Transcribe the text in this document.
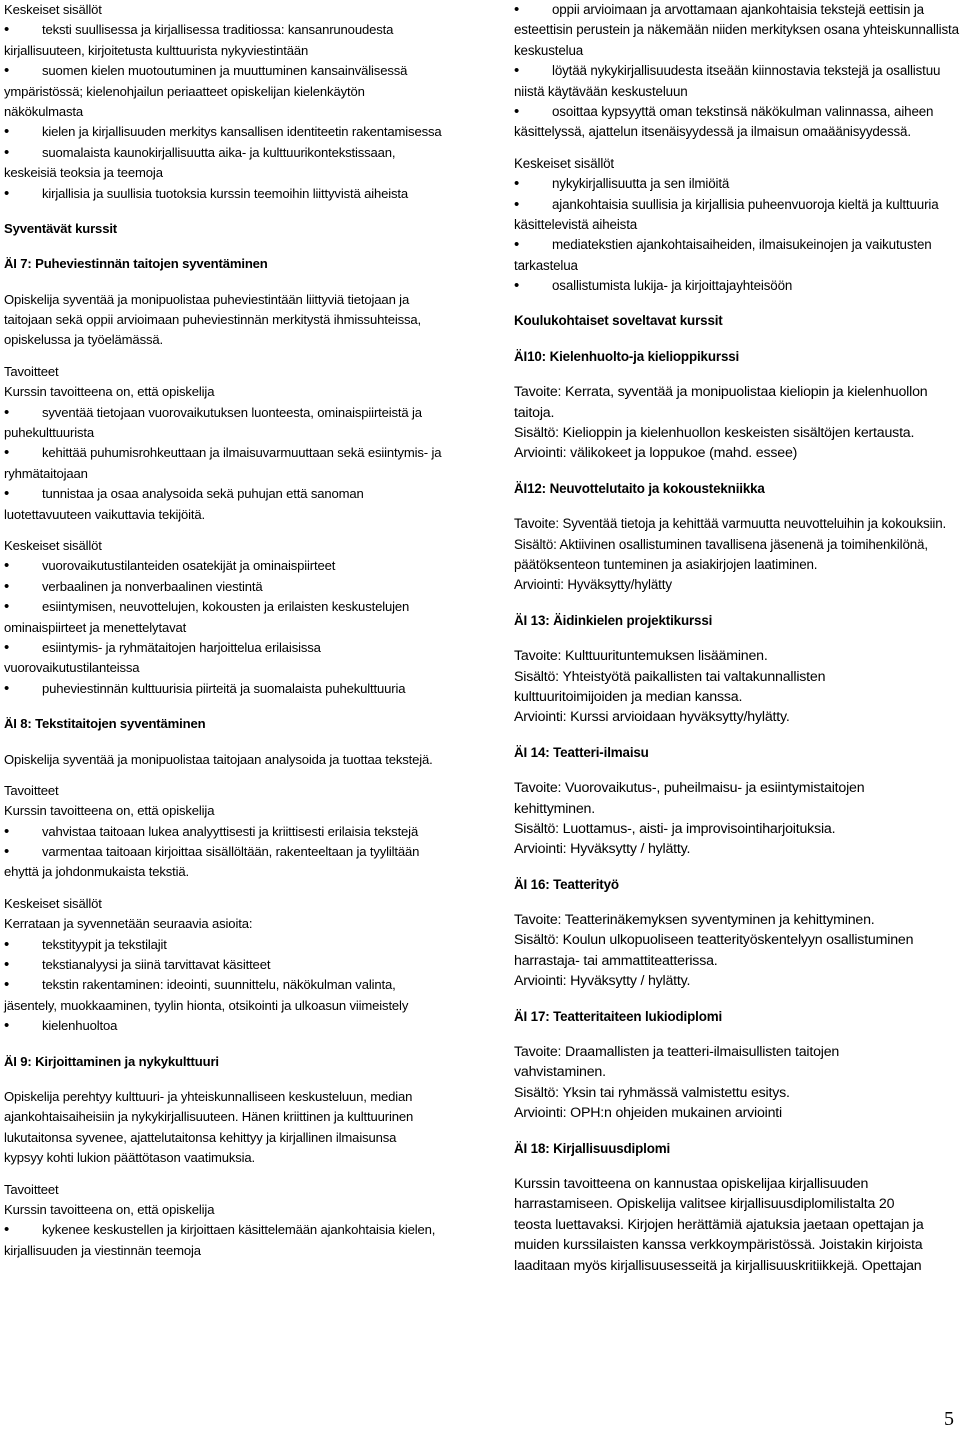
Keskeiset sisällöt
• teksti suullisessa ja kirjallisessa traditiossa: kansanrunoudesta
kirjallisuuteen, kirjoitetusta kulttuurista nykyviestintään
• suomen kielen muotoutuminen ja muuttuminen kansainvälisessä
ympäristössä; kielenohjailun periaatteet opiskelijan kielenkäytön
näkökulmasta
• kielen ja kirjallisuuden merkitys kansallisen identiteetin rakentamisessa
• suomalaista kaunokirjallisuutta aika- ja kulttuurikontekstissaan,
keskeisiä teoksia ja teemoja
• kirjallisia ja suullisia tuotoksia kurssin teemoihin liittyvistä aiheista
Syventävät kurssit
ÄI 7: Puheviestinnän taitojen syventäminen
Opiskelija syventää ja monipuolistaa puheviestintään liittyviä tietojaan ja
taitojaan sekä oppii arvioimaan puheviestinnän merkitystä ihmissuhteissa,
opiskelussa ja työelämässä.
Tavoitteet
Kurssin tavoitteena on, että opiskelija
• syventää tietojaan vuorovaikutuksen luonteesta, ominaispiirteistä ja
puhekulttuurista
• kehittää puhumisrohkeuttaan ja ilmaisuvarmuuttaan sekä esiintymis- ja
ryhmätaitojaan
• tunnistaa ja osaa analysoida sekä puhujan että sanoman
luotettavuuteen vaikuttavia tekijöitä.
Keskeiset sisällöt
• vuorovaikutustilanteiden osatekijät ja ominaispiirteet
• verbaalinen ja nonverbaalinen viestintä
• esiintymisen, neuvottelujen, kokousten ja erilaisten keskustelujen
ominaispiirteet ja menettelytavat
• esiintymis- ja ryhmätaitojen harjoittelua erilaisissa
vuorovaikutustilanteissa
• puheviestinnän kulttuurisia piirteitä ja suomalaista puhekulttuuria
ÄI 8: Tekstitaitojen syventäminen
Opiskelija syventää ja monipuolistaa taitojaan analysoida ja tuottaa tekstejä.
Tavoitteet
Kurssin tavoitteena on, että opiskelija
• vahvistaa taitoaan lukea analyyttisesti ja kriittisesti erilaisia tekstejä
• varmentaa taitoaan kirjoittaa sisällöltään, rakenteeltaan ja tyyliltään
ehyttä ja johdonmukaista tekstiä.
Keskeiset sisällöt
Kerrataan ja syvennetään seuraavia asioita:
• tekstityypit ja tekstilajit
• tekstianalyysi ja siinä tarvittavat käsitteet
• tekstin rakentaminen: ideointi, suunnittelu, näkökulman valinta,
jäsentely, muokkaaminen, tyylin hionta, otsikointi ja ulkoasun viimeistely
• kielenhuoltoa
ÄI 9: Kirjoittaminen ja nykykulttuuri
Opiskelija perehtyy kulttuuri- ja yhteiskunnalliseen keskusteluun, median
ajankohtaisaiheisiin ja nykykirjallisuuteen. Hänen kriittinen ja kulttuurinen
lukutaitonsa syvenee, ajattelutaitonsa kehittyy ja kirjallinen ilmaisunsa
kypsyy kohti lukion päättötason vaatimuksia.
Tavoitteet
Kurssin tavoitteena on, että opiskelija
• kykenee keskustellen ja kirjoittaen käsittelemään ajankohtaisia kielen,
kirjallisuuden ja viestinnän teemoja
• oppii arvioimaan ja arvottamaan ajankohtaisia tekstejä eettisin ja
esteettisin perustein ja näkemään niiden merkityksen osana yhteiskunnallista
keskustelua
• löytää nykykirjallisuudesta itseään kiinnostavia tekstejä ja osallistuu
niistä käytävään keskusteluun
• osoittaa kypsyyttä oman tekstinsä näkökulman valinnassa, aiheen
käsittelyssä, ajattelun itsenäisyydessä ja ilmaisun omaäänisyydessä.
Keskeiset sisällöt
• nykykirjallisuutta ja sen ilmiöitä
• ajankohtaisia suullisia ja kirjallisia puheenvuoroja kieltä ja kulttuuria
käsittelevistä aiheista
• mediatekstien ajankohtaisaiheiden, ilmaisukeinojen ja vaikutusten
tarkastelua
• osallistumista lukija- ja kirjoittajayhteisöön
Koulukohtaiset soveltavat kurssit
ÄI10: Kielenhuolto-ja kielioppikurssi
Tavoite: Kerrata, syventää ja monipuolistaa kieliopin ja kielenhuollon
taitoja.
Sisältö: Kielioppin ja kielenhuollon keskeisten sisältöjen kertausta.
Arviointi: välikokeet ja loppukoe (mahd. essee)
ÄI12: Neuvottelutaito ja kokoustekniikka
Tavoite: Syventää tietoja ja kehittää varmuutta neuvotteluihin ja kokouksiin.
Sisältö: Aktiivinen osallistuminen tavallisena jäsenenä ja toimihenkilönä,
päätöksenteon tunteminen ja asiakirjojen laatiminen.
Arviointi: Hyväksytty/hylätty
ÄI 13: Äidinkielen projektikurssi
Tavoite: Kulttuurituntemuksen lisääminen.
Sisältö: Yhteistyötä paikallisten tai valtakunnallisten
kulttuuritoimijoiden ja median kanssa.
Arviointi: Kurssi arvioidaan hyväksytty/hylätty.
ÄI 14: Teatteri-ilmaisu
Tavoite: Vuorovaikutus-, puheilmaisu- ja esiintymistaitojen
kehittyminen.
Sisältö: Luottamus-, aisti- ja improvisointiharjoituksia.
Arviointi: Hyväksytty / hylätty.
ÄI 16: Teatterityö
Tavoite: Teatterinäkemyksen syventyminen ja kehittyminen.
Sisältö: Koulun ulkopuoliseen teatterityöskentelyyn osallistuminen
harrastaja- tai ammattiteatterissa.
Arviointi: Hyväksytty / hylätty.
ÄI 17: Teatteritaiteen lukiodiplomi
Tavoite: Draamallisten ja teatteri-ilmaisullisten taitojen
vahvistaminen.
Sisältö: Yksin tai ryhmässä valmistettu esitys.
Arviointi: OPH:n ohjeiden mukainen arviointi
ÄI 18: Kirjallisuusdiplomi
Kurssin tavoitteena on kannustaa opiskelijaa kirjallisuuden
harrastamiseen. Opiskelija valitsee kirjallisuusdiplomilistalta 20
teosta luettavaksi. Kirjojen herättämiä ajatuksia jaetaan opettajan ja
muiden kurssilaisten kanssa verkkoympäristössä. Joistakin kirjoista
laaditaan myös kirjallisuusesseitä ja kirjallisuuskritiikkejä. Opettajan
5
